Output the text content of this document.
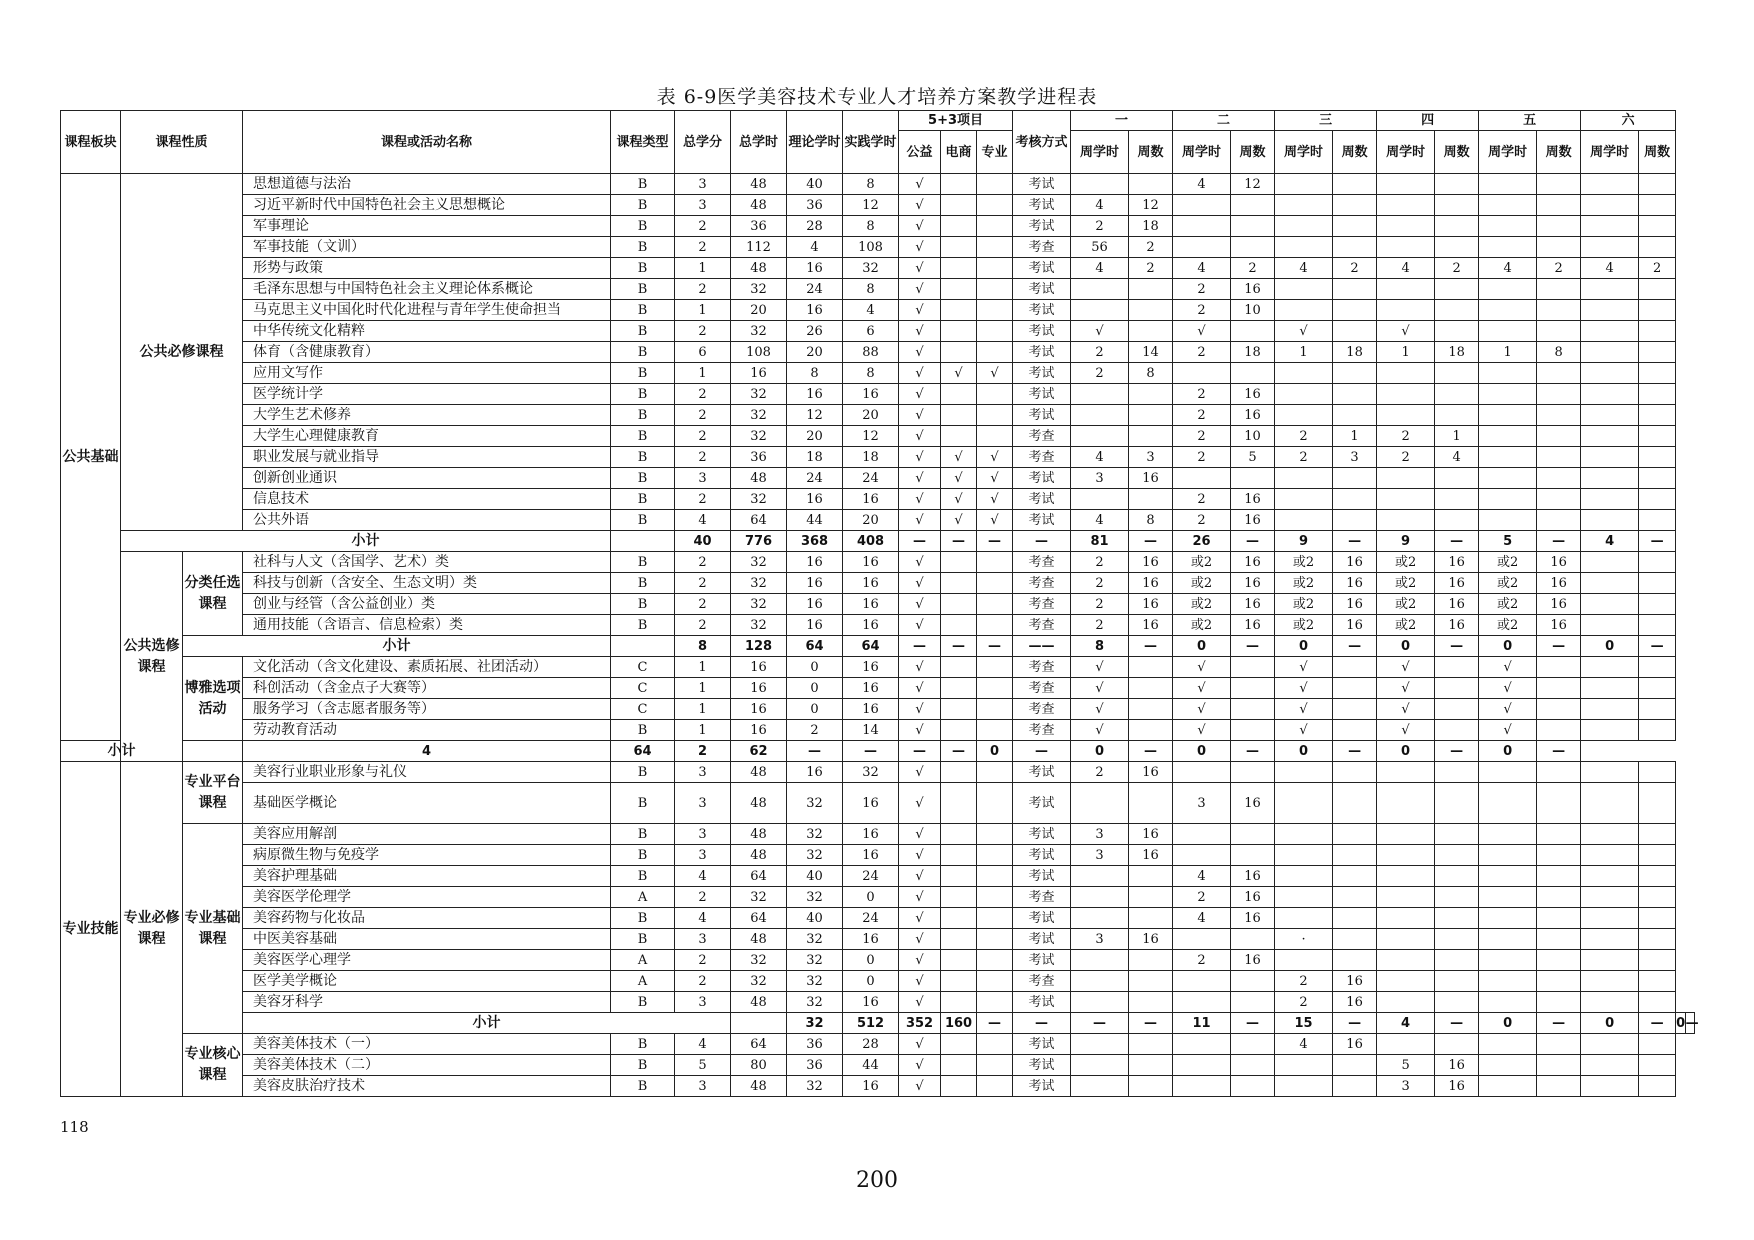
表 6-9医学美容技术专业人才培养方案教学进程表
课程板块	课程性质		课程或活动名称	课程类型	总学分	总学时	理论学时	实践学时	5+3项目			考核方式	一		二		三		四		五		六			
									公益	电商	专业		周学时	周数	周学时	周数	周学时	周数	周学时	周数	周学时	周数	周学时	周数		
公共基础	公共必修课程		思想道德与法治	B	3	48	40	8	√			考试			4	12										
			习近平新时代中国特色社会主义思想概论	B	3	48	36	12	√			考试	4	12												
			军事理论	B	2	36	28	8	√			考试	2	18												
			军事技能（文训）	B	2	112	4	108	√			考查	56	2												
			形势与政策	B	1	48	16	32	√			考试	4	2	4	2	4	2	4	2	4	2	4	2		
			毛泽东思想与中国特色社会主义理论体系概论	B	2	32	24	8	√			考试			2	16										
			马克思主义中国化时代化进程与青年学生使命担当	B	1	20	16	4	√			考试			2	10										
			中华传统文化精粹	B	2	32	26	6	√			考试	√		√		√		√							
			体育（含健康教育）	B	6	108	20	88	√			考试	2	14	2	18	1	18	1	18	1	8				
			应用文写作	B	1	16	8	8	√	√	√	考试	2	8												
			医学统计学	B	2	32	16	16	√			考试			2	16										
			大学生艺术修养	B	2	32	12	20	√			考试			2	16										
			大学生心理健康教育	B	2	32	20	12	√			考查			2	10	2	1	2	1						
			职业发展与就业指导	B	2	36	18	18	√	√	√	考查	4	3	2	5	2	3	2	4						
			创新创业通识	B	3	48	24	24	√	√	√	考试	3	16												
			信息技术	B	2	32	16	16	√	√	√	考试			2	16										
			公共外语	B	4	64	44	20	√	√	√	考试	4	8	2	16										
	小计				40	776	368	408	—	—	—	—	81	—	26	—	9	—	9	—	5	—	4	—		
	公共选修课程	分类任选课程	社科与人文（含国学、艺术）类	B	2	32	16	16	√			考查	2	16	或2	16	或2	16	或2	16	或2	16				
			科技与创新（含安全、生态文明）类	B	2	32	16	16	√			考查	2	16	或2	16	或2	16	或2	16	或2	16				
			创业与经管（含公益创业）类	B	2	32	16	16	√			考查	2	16	或2	16	或2	16	或2	16	或2	16				
			通用技能（含语言、信息检索）类	B	2	32	16	16	√			考查	2	16	或2	16	或2	16	或2	16	或2	16				
		小计			8	128	64	64	—	—	—	——	8	—	0	—	0	—	0	—	0	—	0	—		
		博雅选项活动	文化活动（含文化建设、素质拓展、社团活动）	C	1	16	0	16	√			考查	√		√		√		√		√					
			科创活动（含金点子大赛等）	C	1	16	0	16	√			考查	√		√		√		√		√					
			服务学习（含志愿者服务等）	C	1	16	0	16	√			考查	√		√		√		√		√					
			劳动教育活动	B	1	16	2	14	√			考查	√		√		√		√		√					
小计			4	64	2	62	—	—	—	—	0	—	0	—	0	—	0	—	0	—	0	—				
专业技能	专业必修课程	专业平台课程	美容行业职业形象与礼仪	B	3	48	16	32	√			考试	2	16												
			基础医学概论	B	3	48	32	16	√			考试			3	16										
		专业基础课程	美容应用解剖	B	3	48	32	16	√			考试	3	16												
			病原微生物与免疫学	B	3	48	32	16	√			考试	3	16												
			美容护理基础	B	4	64	40	24	√			考试			4	16										
			美容医学伦理学	A	2	32	32	0	√			考查			2	16										
			美容药物与化妆品	B	4	64	40	24	√			考试			4	16										
			中医美容基础	B	3	48	32	16	√			考试	3	16			·									
			美容医学心理学	A	2	32	32	0	√			考试			2	16										
			医学美学概论	A	2	32	32	0	√			考查					2	16								
			美容牙科学	B	3	48	32	16	√			考试					2	16								
			小计				32	512	352	160	—	—	—	—	11	—	15	—	4	—	0	—	0	—	0	—
		专业核心课程	美容美体技术（一）	B	4	64	36	28	√			考试					4	16								
			美容美体技术（二）	B	5	80	36	44	√			考试							5	16						
			美容皮肤治疗技术	B	3	48	32	16	√			考试							3	16						
118
200
